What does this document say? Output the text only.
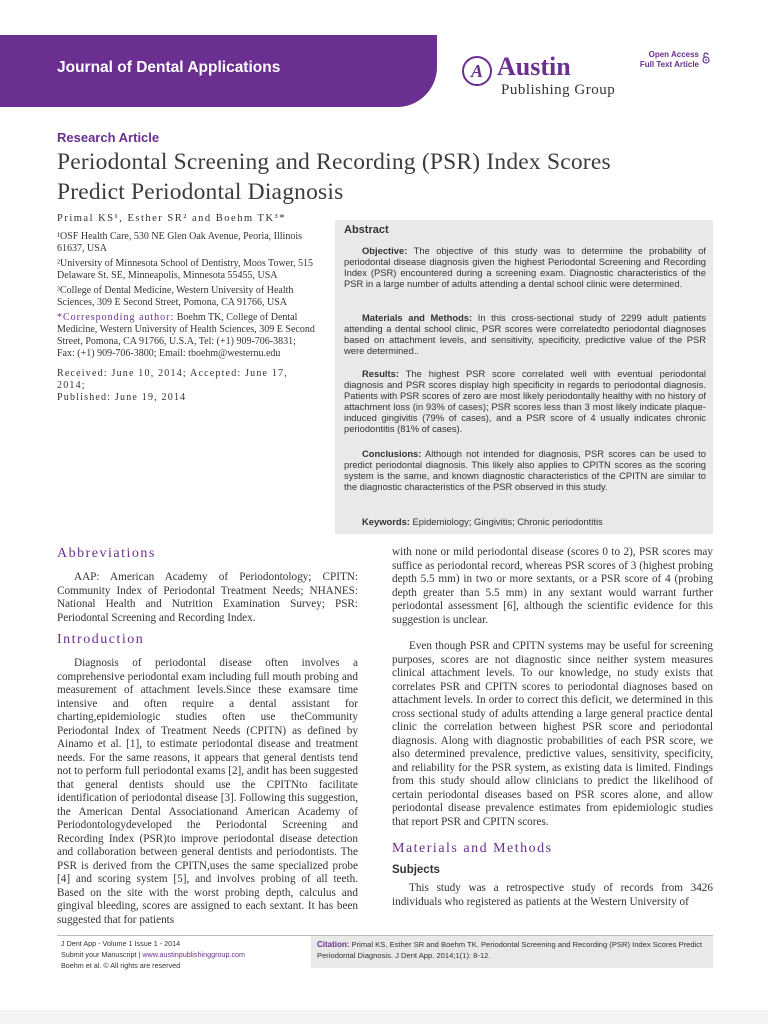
Journal of Dental Applications	A Austin
Publishing Group
Open Access
Full Text Article
Research Article
Periodontal Screening and Recording (PSR) Index Scores
Predict Periodontal Diagnosis
Primal KS¹, Esther SR² and Boehm TK³*
¹OSF Health Care, 530 NE Glen Oak Avenue, Peoria, Illinois 61637, USA
²University of Minnesota School of Dentistry, Moos Tower, 515 Delaware St. SE, Minneapolis, Minnesota 55455, USA
³College of Dental Medicine, Western University of Health Sciences, 309 E Second Street, Pomona, CA 91766, USA
*Corresponding author: Boehm TK, College of Dental Medicine, Western University of Health Sciences, 309 E Second Street, Pomona, CA 91766, U.S.A, Tel: (+1) 909-706-3831; Fax: (+1) 909-706-3800; Email: tboehm@westernu.edu
Received: June 10, 2014; Accepted: June 17, 2014;
Published: June 19, 2014
Abstract
Objective: The objective of this study was to determine the probability of periodontal disease diagnosis given the highest Periodontal Screening and Recording Index (PSR) encountered during a screening exam. Diagnostic characteristics of the PSR in a large number of adults attending a dental school clinic were determined.
Materials and Methods: In this cross-sectional study of 2299 adult patients attending a dental school clinic, PSR scores were correlatedto periodontal diagnoses based on attachment levels, and sensitivity, specificity, predictive value of the PSR were determined..
Results: The highest PSR score correlated well with eventual periodontal diagnosis and PSR scores display high specificity in regards to periodontal diagnosis. Patients with PSR scores of zero are most likely periodontally healthy with no history of attachment loss (in 93% of cases); PSR scores less than 3 most likely indicate plaque-induced gingivitis (79% of cases), and a PSR score of 4 usually indicates chronic periodontitis (81% of cases).
Conclusions: Although not intended for diagnosis, PSR scores can be used to predict periodontal diagnosis. This likely also applies to CPITN scores as the scoring system is the same, and known diagnostic characteristics of the CPITN are similar to the diagnostic characteristics of the PSR observed in this study.
Keywords: Epidemiology; Gingivitis; Chronic periodontitis
Abbreviations
AAP: American Academy of Periodontology; CPITN: Community Index of Periodontal Treatment Needs; NHANES: National Health and Nutrition Examination Survey; PSR: Periodontal Screening and Recording Index.
Introduction
Diagnosis of periodontal disease often involves a comprehensive periodontal exam including full mouth probing and measurement of attachment levels.Since these examsare time intensive and often require a dental assistant for charting,epidemiologic studies often use theCommunity Periodontal Index of Treatment Needs (CPITN) as defined by Ainamo et al. [1], to estimate periodontal disease and treatment needs. For the same reasons, it appears that general dentists tend not to perform full periodontal exams [2], andit has been suggested that general dentists should use the CPITNto facilitate identification of periodontal disease [3]. Following this suggestion, the American Dental Associationand American Academy of Periodontologydeveloped the Periodontal Screening and Recording Index (PSR)to improve periodontal disease detection and collaboration between general dentists and periodontists. The PSR is derived from the CPITN,uses the same specialized probe [4] and scoring system [5], and involves probing of all teeth. Based on the site with the worst probing depth, calculus and gingival bleeding, scores are assigned to each sextant. It has been suggested that for patients
with none or mild periodontal disease (scores 0 to 2), PSR scores may suffice as periodontal record, whereas PSR scores of 3 (highest probing depth 5.5 mm) in two or more sextants, or a PSR score of 4 (probing depth greater than 5.5 mm) in any sextant would warrant further periodontal assessment [6], although the scientific evidence for this suggestion is unclear.
Even though PSR and CPITN systems may be useful for screening purposes, scores are not diagnostic since neither system measures clinical attachment levels. To our knowledge, no study exists that correlates PSR and CPITN scores to periodontal diagnoses based on attachment levels. In order to correct this deficit, we determined in this cross sectional study of adults attending a large general practice dental clinic the correlation between highest PSR score and periodontal diagnosis. Along with diagnostic probabilities of each PSR score, we also determined prevalence, predictive values, sensitivity, specificity, and reliability for the PSR system, as existing data is limited. Findings from this study should allow clinicians to predict the likelihood of certain periodontal diseases based on PSR scores alone, and allow periodontal disease prevalence estimates from epidemiologic studies that report PSR and CPITN scores.
Materials and Methods
Subjects
This study was a retrospective study of records from 3426 individuals who registered as patients at the Western University of
J Dent App - Volume 1 Issue 1 - 2014
Submit your Manuscript | www.austinpublishinggroup.com
Boehm et al. © All rights are reserved
Citation: Primal KS, Esther SR and Boehm TK. Periodontal Screening and Recording (PSR) Index Scores Predict Periodontal Diagnosis. J Dent App. 2014;1(1): 8-12.
